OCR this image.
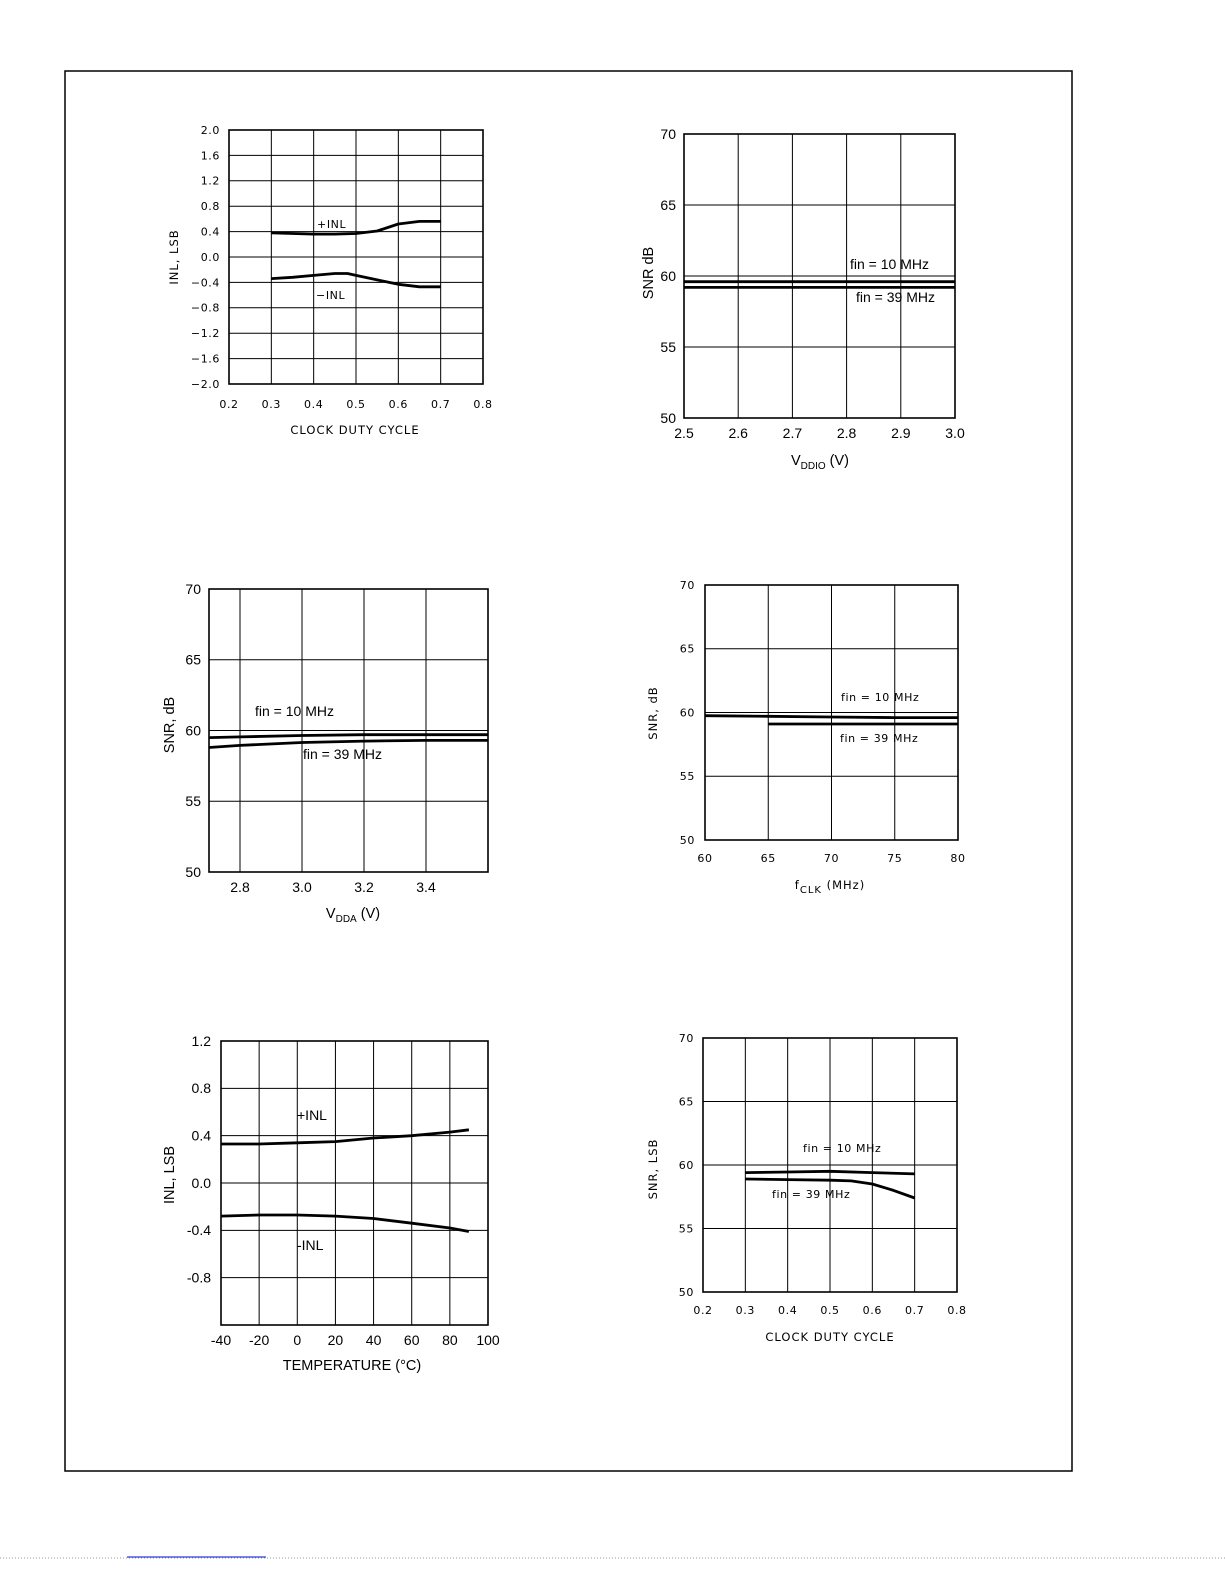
0.2 0.3 0.4 0.5 0.6 0.7 0.8
2.0
1.6
1.2
0.8
0.4
0.0
−0.4
−0.8
−1.2
−1.6
−2.0
+INL
−INL
CLOCK DUTY CYCLE
INL, LSB
2.5 2.6 2.7 2.8 2.9 3.0
70
65
60
55
50
fin = 10 MHz
fin = 39 MHz
$V_{DDIO}$ (V)
SNR dB
2.8	3.0	3.2	3.4
70
65
60
55
50
fin = 10 MHz
fin = 39 MHz
$V_{DDA}$ (V)
SNR, dB
60	65	70	75	80
70
65
60
55
50
fin = 10 MHz
fin = 39 MHz
fCLK (MHz)
SNR, dB
-40 -20 0 20 40 60 80 100
1.2
0.8
0.4
0.0
-0.4
-0.8
+INL
-INL
TEMPERATURE (°C)
INL, LSB
0.2 0.3 0.4 0.5 0.6 0.7 0.8
70
65
60
55
50
fin = 10 MHz
fin = 39 MHz
CLOCK DUTY CYCLE
SNR, LSB
